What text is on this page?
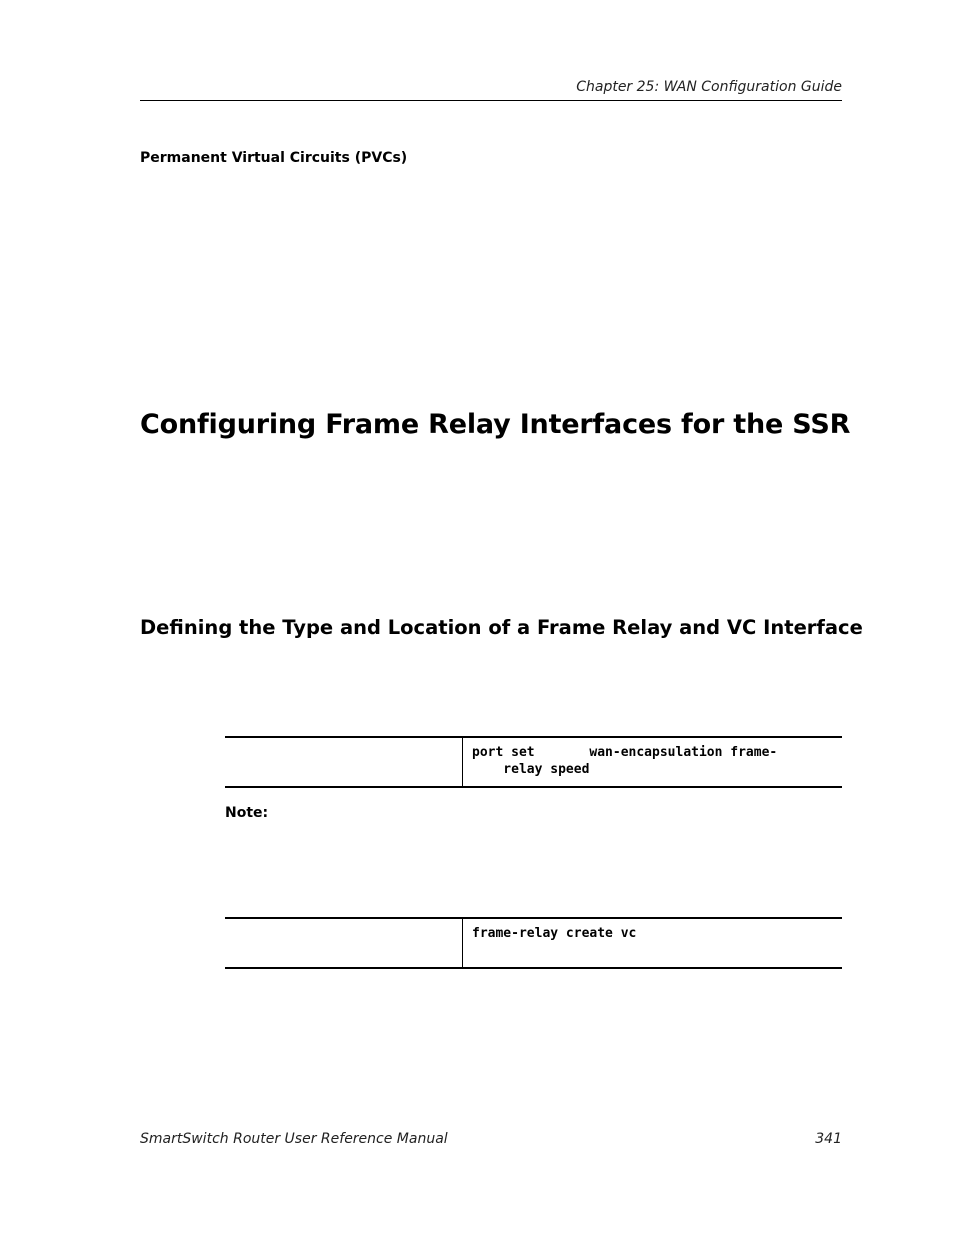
Chapter 25: WAN Configuration Guide
Permanent Virtual Circuits (PVCs)
Configuring Frame Relay Interfaces for the SSR
Defining the Type and Location of a Frame Relay and VC Interface
port set       wan-encapsulation frame-
relay speed
Note:
frame-relay create vc
SmartSwitch Router User Reference Manual	341
